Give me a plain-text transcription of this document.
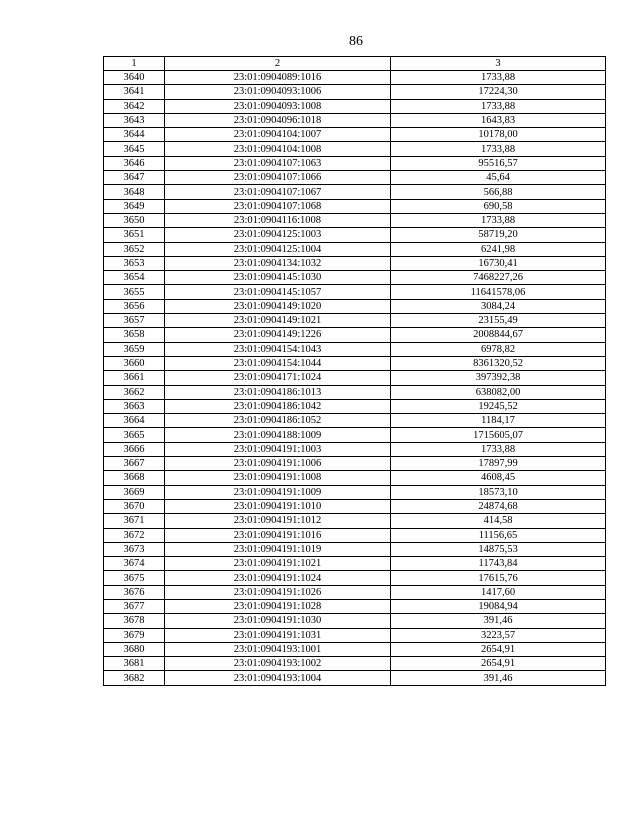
86
1	2	3
3640	23:01:0904089:1016	1733,88
3641	23:01:0904093:1006	17224,30
3642	23:01:0904093:1008	1733,88
3643	23:01:0904096:1018	1643,83
3644	23:01:0904104:1007	10178,00
3645	23:01:0904104:1008	1733,88
3646	23:01:0904107:1063	95516,57
3647	23:01:0904107:1066	45,64
3648	23:01:0904107:1067	566,88
3649	23:01:0904107:1068	690,58
3650	23:01:0904116:1008	1733,88
3651	23:01:0904125:1003	58719,20
3652	23:01:0904125:1004	6241,98
3653	23:01:0904134:1032	16730,41
3654	23:01:0904145:1030	7468227,26
3655	23:01:0904145:1057	11641578,06
3656	23:01:0904149:1020	3084,24
3657	23:01:0904149:1021	23155,49
3658	23:01:0904149:1226	2008844,67
3659	23:01:0904154:1043	6978,82
3660	23:01:0904154:1044	8361320,52
3661	23:01:0904171:1024	397392,38
3662	23:01:0904186:1013	638082,00
3663	23:01:0904186:1042	19245,52
3664	23:01:0904186:1052	1184,17
3665	23:01:0904188:1009	1715605,07
3666	23:01:0904191:1003	1733,88
3667	23:01:0904191:1006	17897,99
3668	23:01:0904191:1008	4608,45
3669	23:01:0904191:1009	18573,10
3670	23:01:0904191:1010	24874,68
3671	23:01:0904191:1012	414,58
3672	23:01:0904191:1016	11156,65
3673	23:01:0904191:1019	14875,53
3674	23:01:0904191:1021	11743,84
3675	23:01:0904191:1024	17615,76
3676	23:01:0904191:1026	1417,60
3677	23:01:0904191:1028	19084,94
3678	23:01:0904191:1030	391,46
3679	23:01:0904191:1031	3223,57
3680	23:01:0904193:1001	2654,91
3681	23:01:0904193:1002	2654,91
3682	23:01:0904193:1004	391,46
